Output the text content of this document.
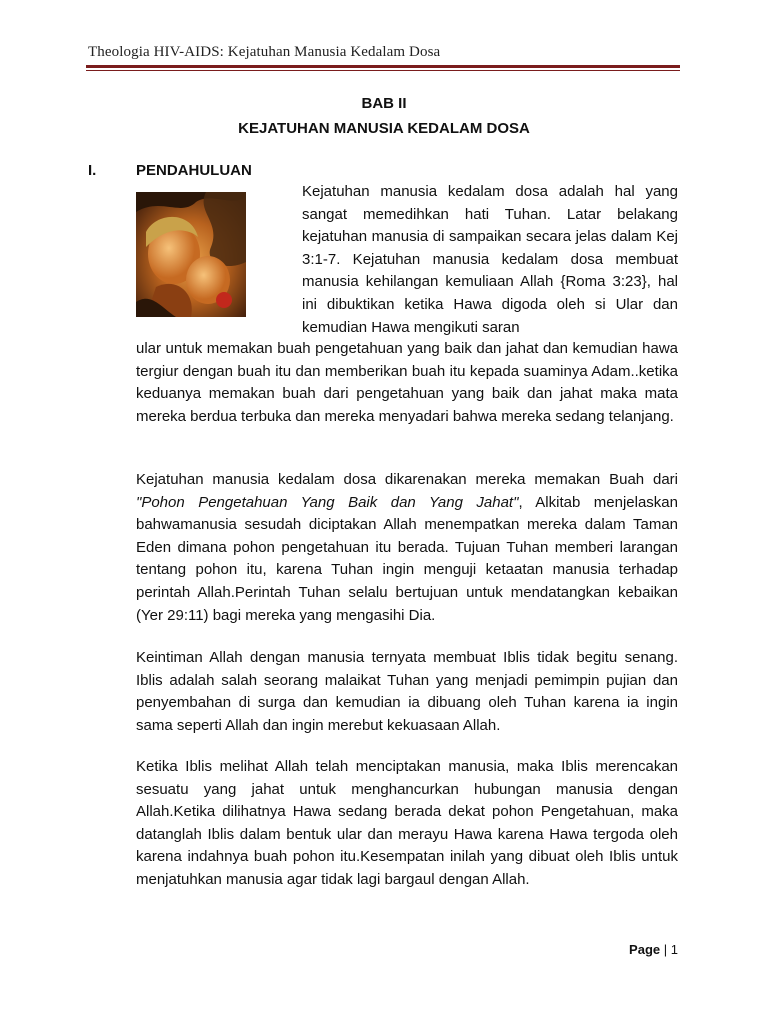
Theologia HIV-AIDS: Kejatuhan Manusia Kedalam Dosa
BAB II
KEJATUHAN MANUSIA KEDALAM DOSA
I.	PENDAHULUAN
Kejatuhan manusia kedalam dosa adalah hal yang sangat memedihkan hati Tuhan. Latar belakang kejatuhan manusia di sampaikan secara jelas dalam Kej 3:1-7. Kejatuhan manusia kedalam dosa membuat manusia kehilangan kemuliaan Allah {Roma 3:23}, hal ini dibuktikan ketika Hawa digoda oleh si Ular dan kemudian Hawa mengikuti saran
ular untuk memakan buah pengetahuan yang baik dan jahat dan kemudian hawa tergiur dengan buah itu dan memberikan buah itu kepada suaminya Adam..ketika keduanya memakan buah dari pengetahuan yang baik dan jahat maka mata mereka berdua terbuka dan mereka menyadari bahwa mereka sedang telanjang.
Kejatuhan manusia kedalam dosa dikarenakan mereka memakan Buah dari "Pohon Pengetahuan Yang Baik dan Yang Jahat", Alkitab menjelaskan bahwamanusia sesudah diciptakan Allah menempatkan mereka dalam Taman Eden dimana pohon pengetahuan itu berada. Tujuan Tuhan memberi larangan tentang pohon itu, karena Tuhan ingin menguji ketaatan manusia terhadap perintah Allah.Perintah Tuhan selalu bertujuan untuk mendatangkan kebaikan (Yer 29:11) bagi mereka yang mengasihi Dia.
Keintiman Allah dengan manusia ternyata membuat Iblis tidak begitu senang. Iblis adalah salah seorang malaikat Tuhan yang menjadi pemimpin pujian dan penyembahan di surga dan kemudian ia dibuang oleh Tuhan karena ia ingin sama seperti Allah dan ingin merebut kekuasaan Allah.
Ketika Iblis melihat Allah telah menciptakan manusia, maka Iblis merencakan sesuatu yang jahat untuk menghancurkan hubungan manusia dengan Allah.Ketika dilihatnya Hawa sedang berada dekat pohon Pengetahuan, maka datanglah Iblis dalam bentuk ular dan merayu Hawa karena Hawa tergoda oleh karena indahnya buah pohon itu.Kesempatan inilah yang dibuat oleh Iblis untuk menjatuhkan manusia agar tidak lagi bargaul dengan Allah.
Page | 1
